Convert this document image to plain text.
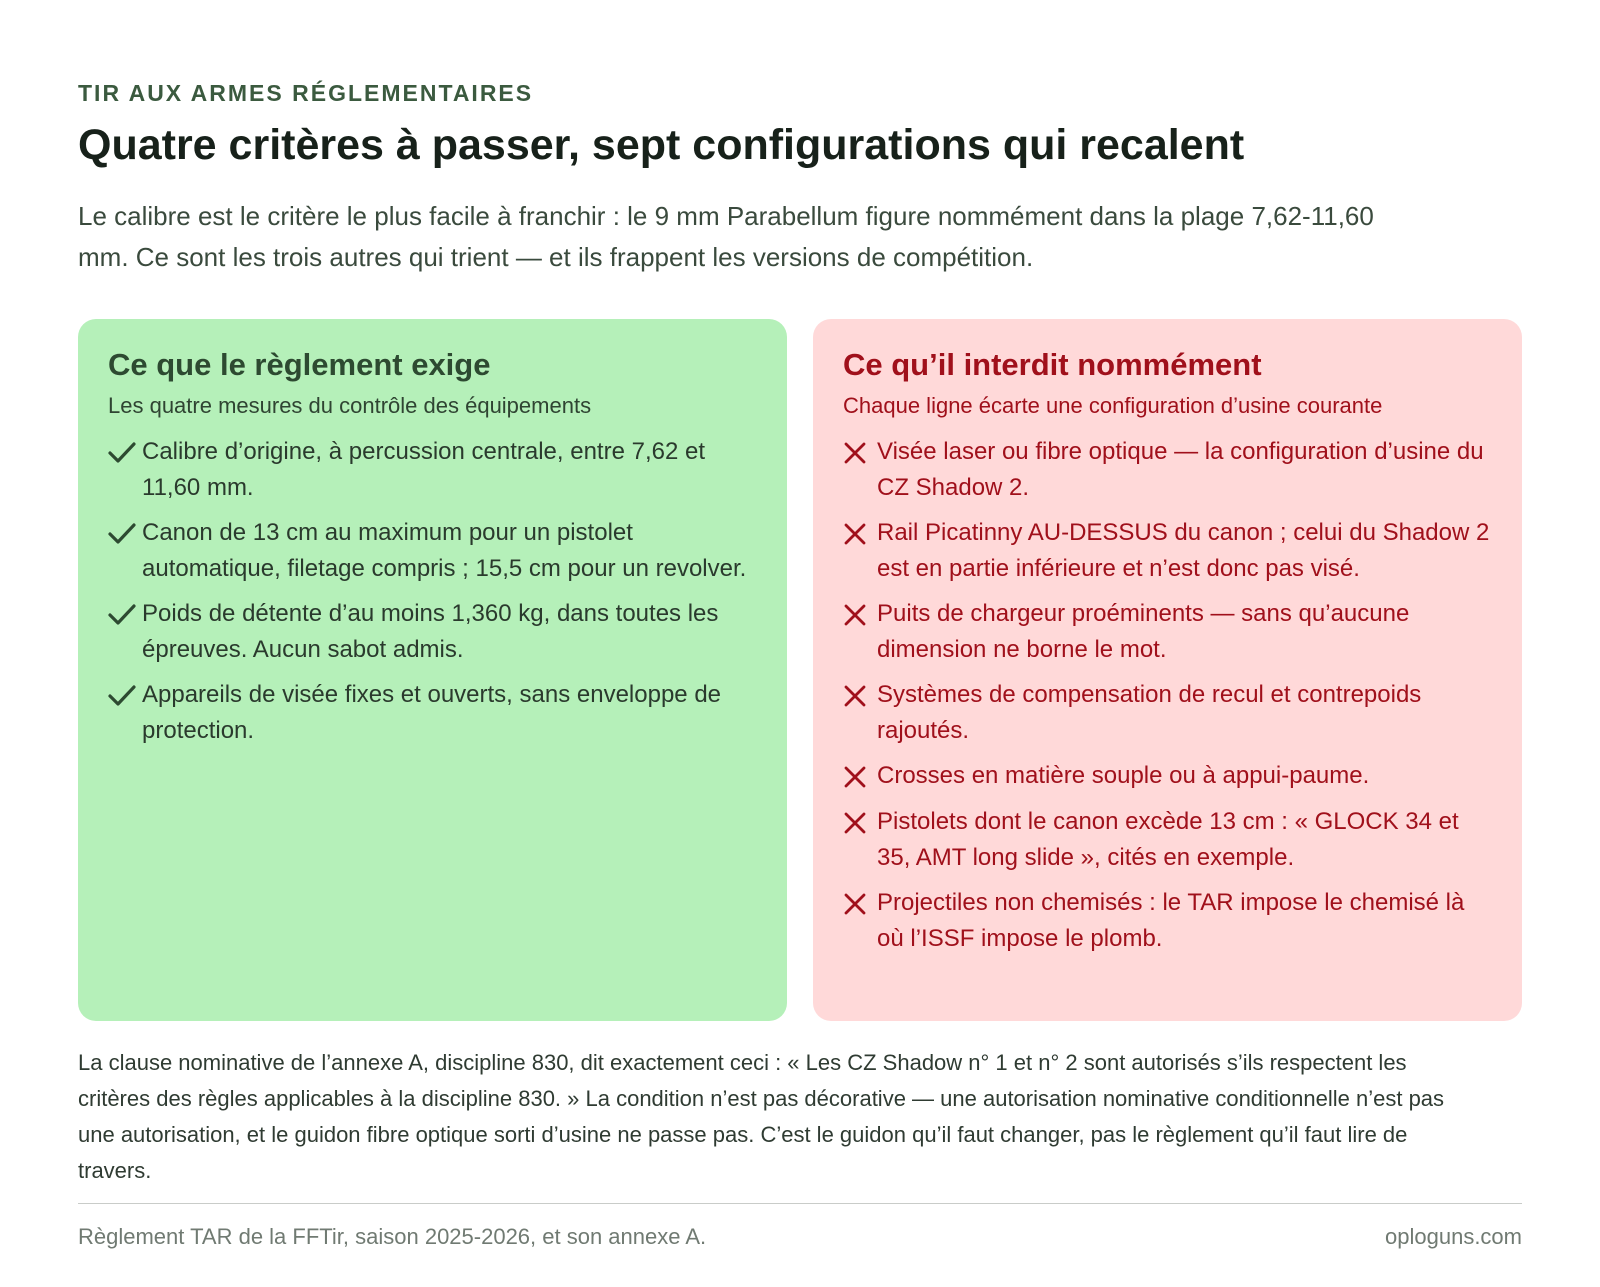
TIR AUX ARMES RÉGLEMENTAIRES

Quatre critères à passer, sept configurations qui recalent

Le calibre est le critère le plus facile à franchir : le 9 mm Parabellum figure nommément dans la plage 7,62-11,60 mm. Ce sont les trois autres qui trient — et ils frappent les versions de compétition.

Ce que le règlement exige

Les quatre mesures du contrôle des équipements

Calibre d’origine, à percussion centrale, entre 7,62 et 11,60 mm.
Canon de 13 cm au maximum pour un pistolet automatique, filetage compris ; 15,5 cm pour un revolver.
Poids de détente d’au moins 1,360 kg, dans toutes les épreuves. Aucun sabot admis.
Appareils de visée fixes et ouverts, sans enveloppe de protection.
Ce qu’il interdit nommément

Chaque ligne écarte une configuration d’usine courante

Visée laser ou fibre optique — la configuration d’usine du CZ Shadow 2.
Rail Picatinny AU-DESSUS du canon ; celui du Shadow 2 est en partie inférieure et n’est donc pas visé.
Puits de chargeur proéminents — sans qu’aucune dimension ne borne le mot.
Systèmes de compensation de recul et contrepoids rajoutés.
Crosses en matière souple ou à appui-paume.
Pistolets dont le canon excède 13 cm : « GLOCK 34 et 35, AMT long slide », cités en exemple.
Projectiles non chemisés : le TAR impose le chemisé là où l’ISSF impose le plomb.

La clause nominative de l’annexe A, discipline 830, dit exactement ceci : « Les CZ Shadow n° 1 et n° 2 sont autorisés s’ils respectent les critères des règles applicables à la discipline 830. » La condition n’est pas décorative — une autorisation nominative conditionnelle n’est pas une autorisation, et le guidon fibre optique sorti d’usine ne passe pas. C’est le guidon qu’il faut changer, pas le règlement qu’il faut lire de travers.

Règlement TAR de la FFTir, saison 2025-2026, et son annexe A.	oploguns.com
